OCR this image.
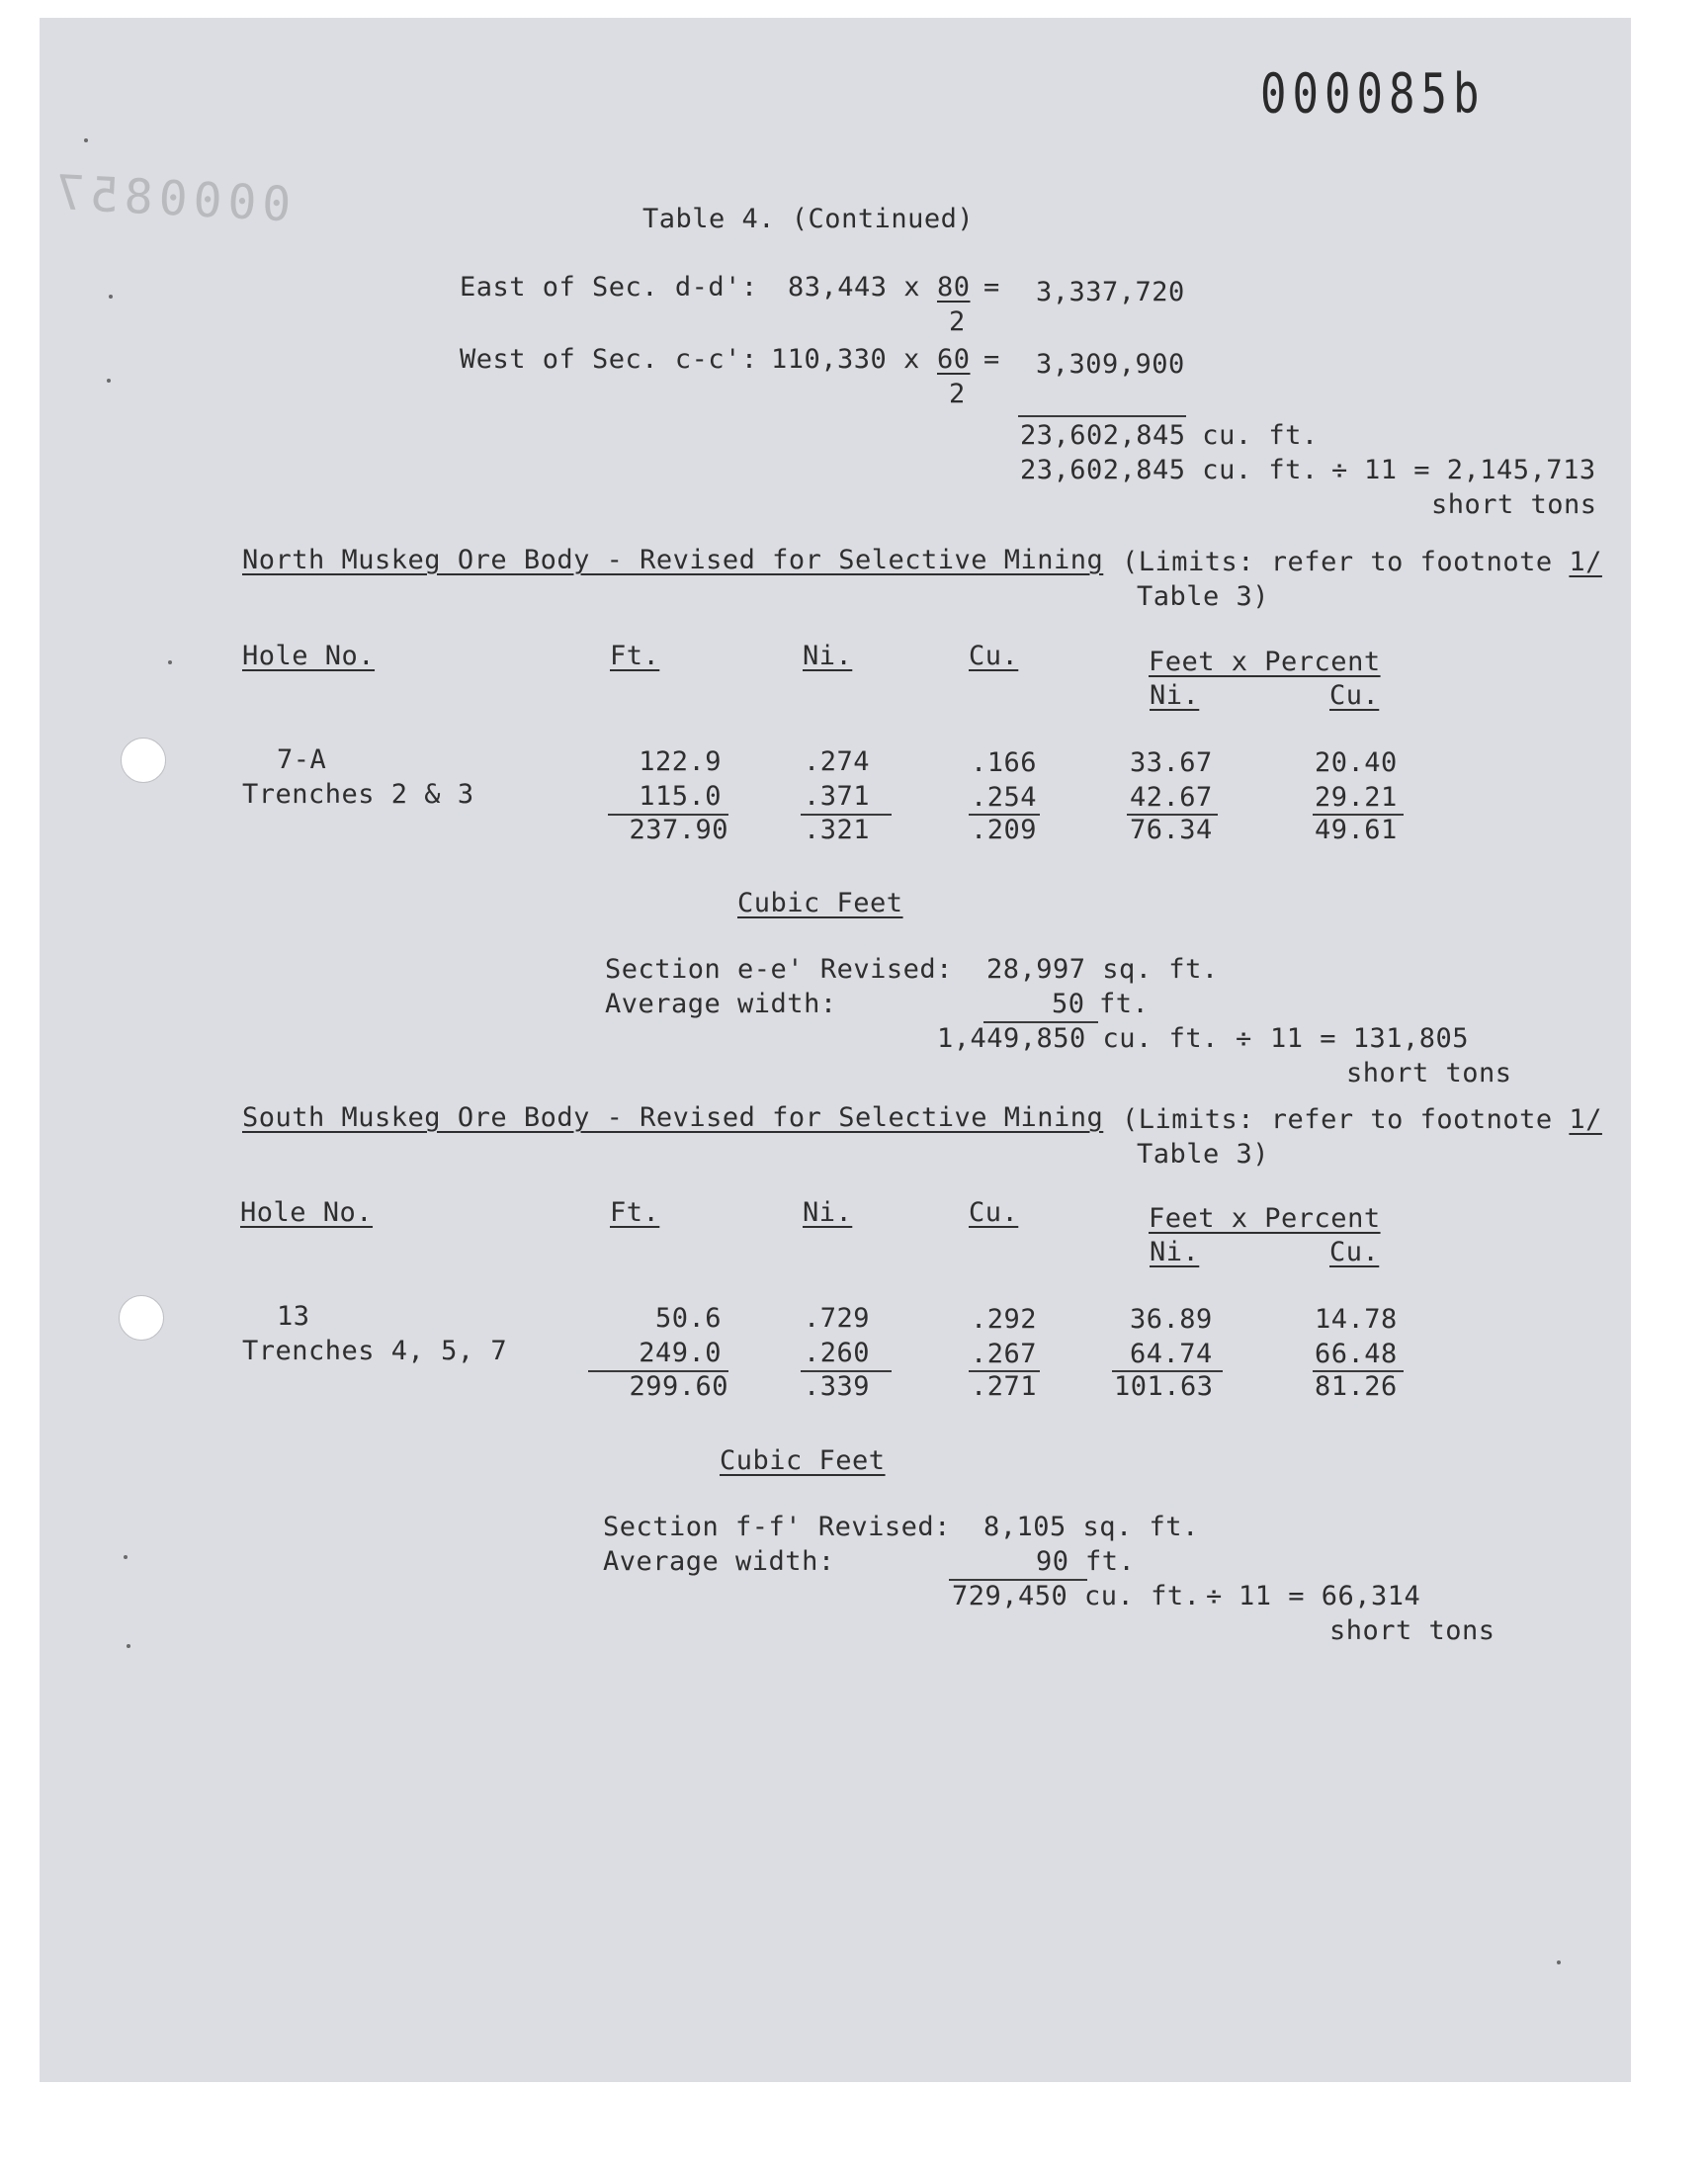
000085b
0000857	Table 4. (Continued)

East of Sec. d-d': 83,443 x 80

2

= 3,337,720

West of Sec. c-c': 110,330 x 60

2

= 3,309,900

23,602,845 cu. ft.

23,602,845 cu. ft. ÷ 11 = 2,145,713

short tons

North Muskeg Ore Body - Revised for Selective Mining (Limits: refer to footnote 1/

Table 3)

Hole No.	Ft.	Ni.	Cu.	Feet x Percent

Ni.	Cu.

7-A	122.9	.274	.166	33.67	20.40

Trenches 2 & 3	115.0	.371	.254	42.67	29.21

237.90	.321	.209	76.34	49.61

Cubic Feet

Section e-e' Revised: 28,997 sq. ft.

Average width:	50 ft.

1,449,850 cu. ft. ÷ 11 = 131,805

short tons

South Muskeg Ore Body - Revised for Selective Mining (Limits: refer to footnote 1/

Table 3)

Hole No.	Ft.	Ni.	Cu.	Feet x Percent

Ni.	Cu.

13	50.6	.729	.292	36.89	14.78

Trenches 4, 5, 7	249.0	.260	.267	64.74	66.48

299.60	.339	.271	101.63	81.26

Cubic Feet

Section f-f' Revised: 8,105 sq. ft.

Average width:	90 ft.

729,450 cu. ft. ÷ 11 = 66,314

short tons
